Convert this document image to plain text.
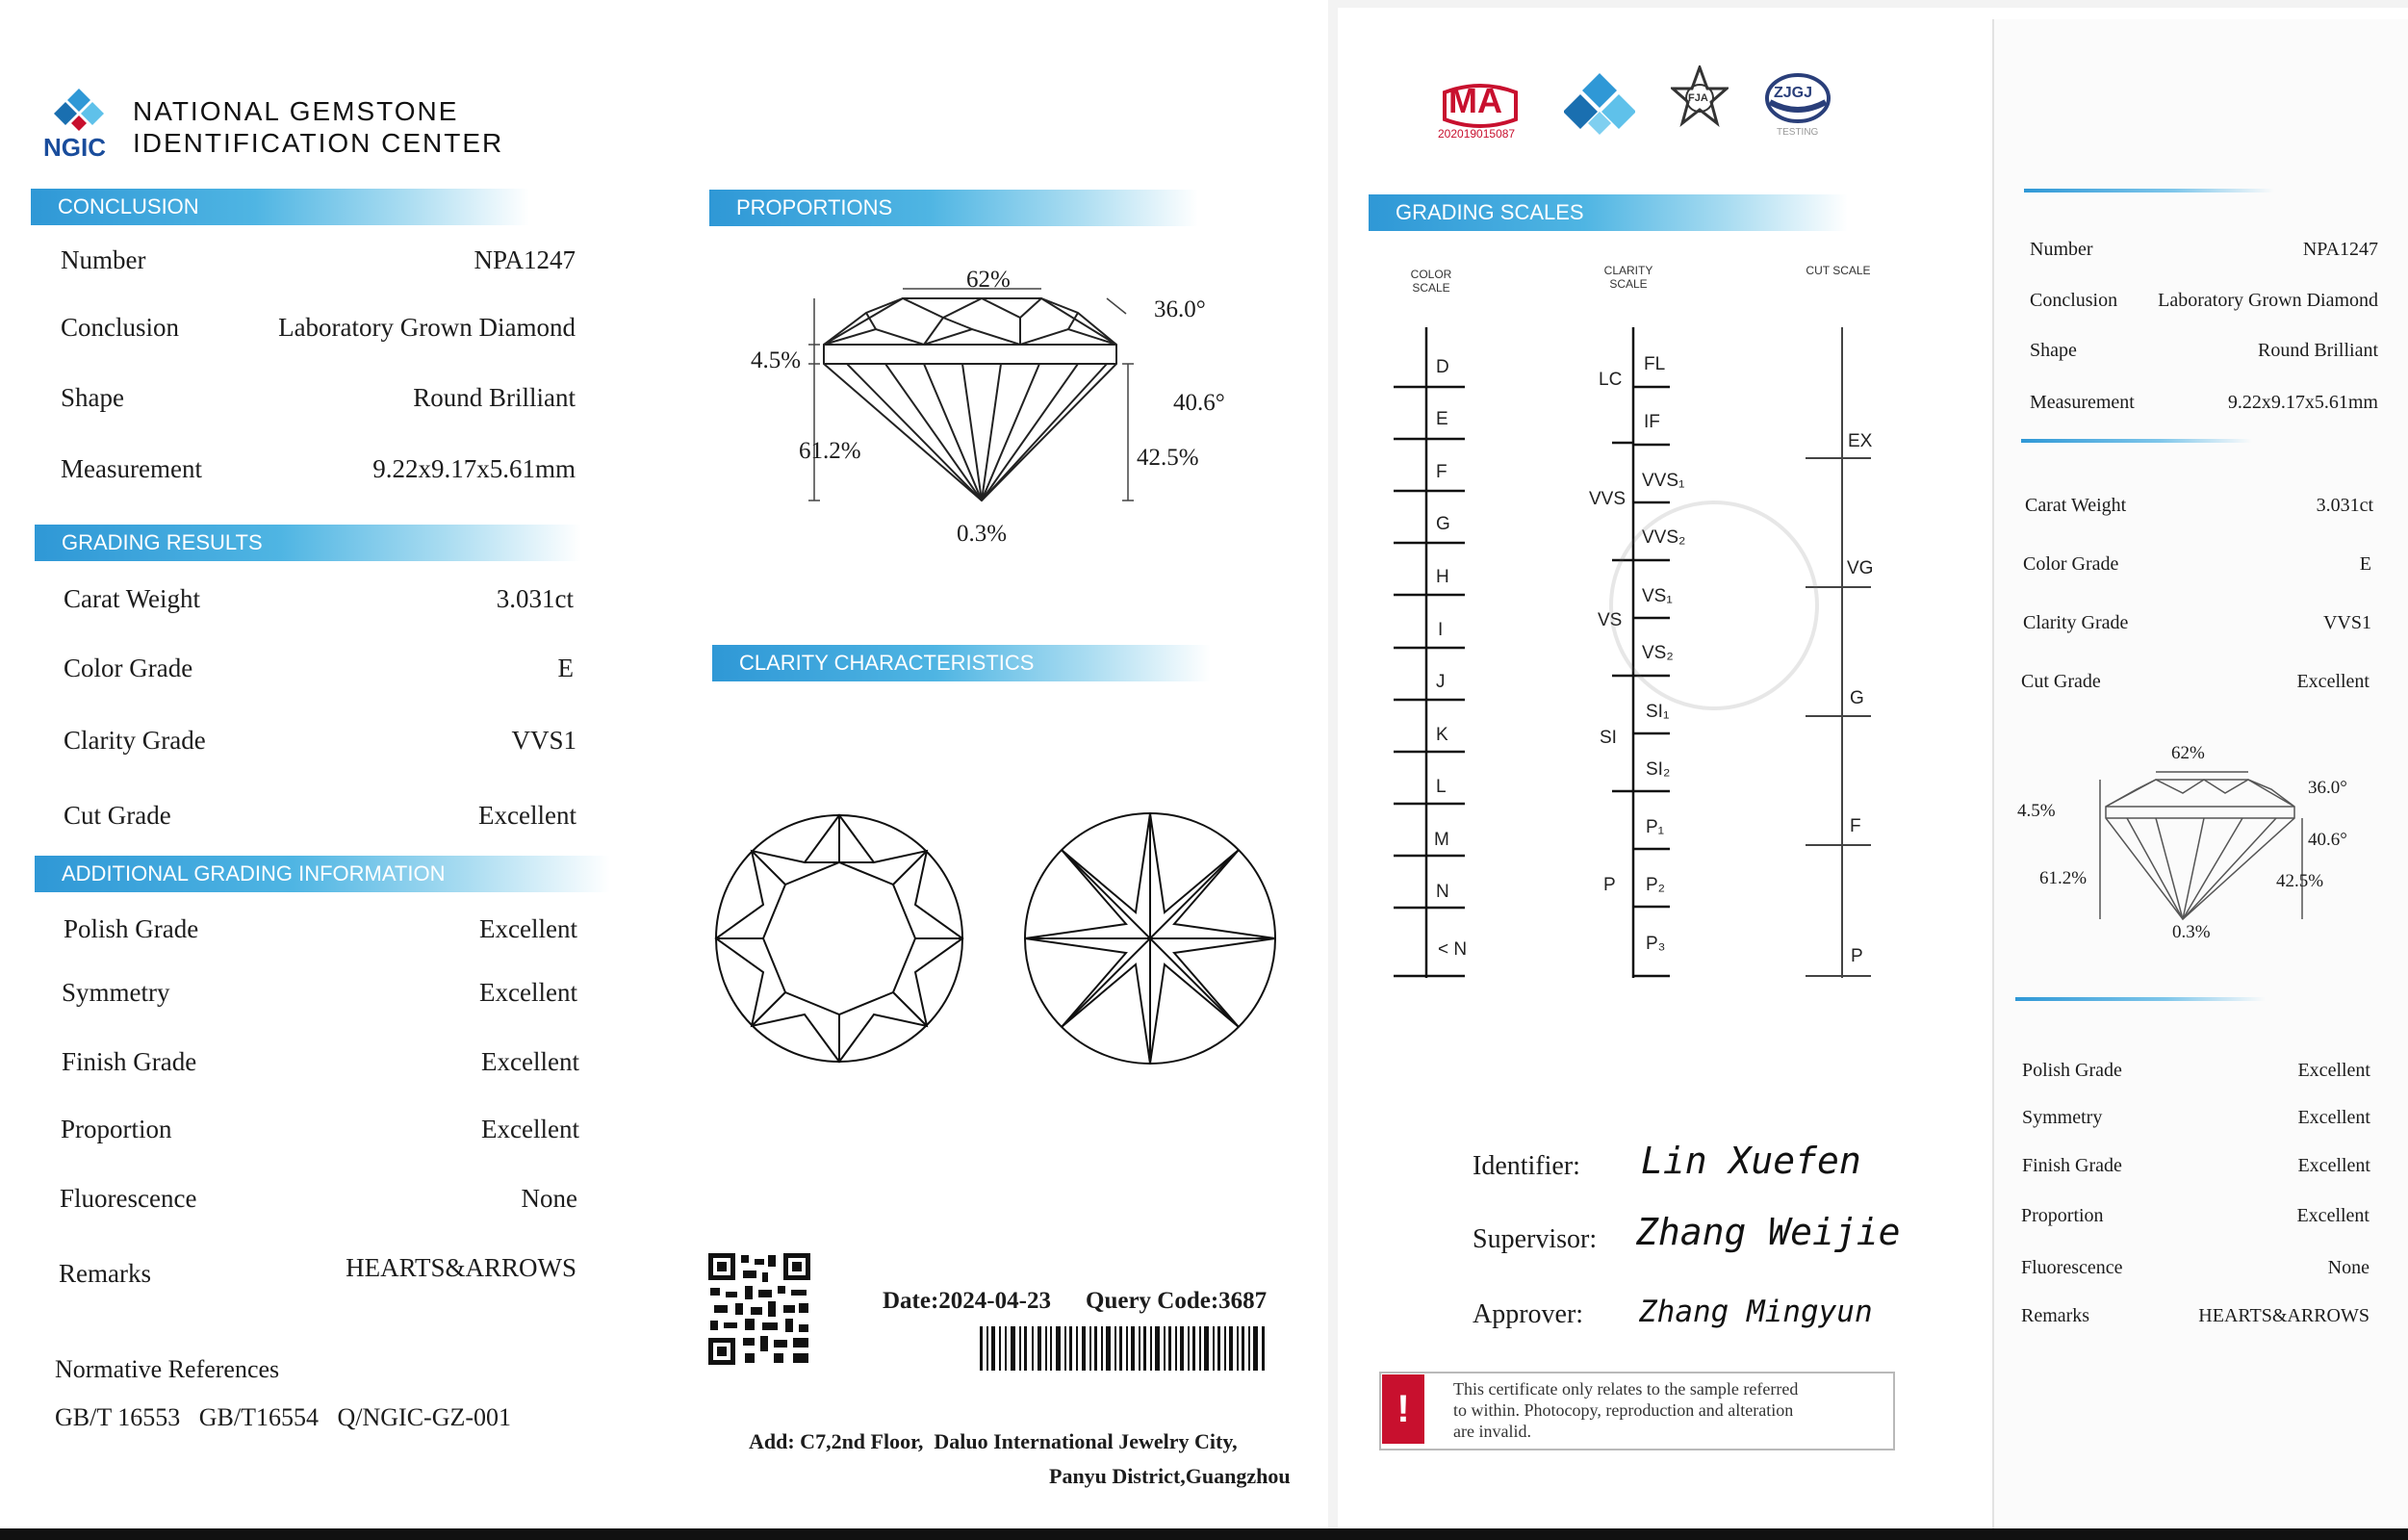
NGIC
NATIONAL GEMSTONE
IDENTIFICATION CENTER
CONCLUSION
Number	NPA1247
Conclusion	Laboratory Grown Diamond
Shape	Round Brilliant
Measurement	9.22x9.17x5.61mm
GRADING RESULTS
Carat Weight	3.031ct
Color Grade	E
Clarity Grade	VVS1
Cut Grade	Excellent
ADDITIONAL GRADING INFORMATION
Polish Grade	Excellent
Symmetry	Excellent
Finish Grade	Excellent
Proportion	Excellent
Fluorescence	None
Remarks	HEARTS&ARROWS
Normative References
GB/T 16553   GB/T16554   Q/NGIC-GZ-001
PROPORTIONS
62%
36.0°
4.5%
40.6°
61.2%	42.5%
0.3%
CLARITY CHARACTERISTICS
Date:2024-04-23 Query Code:3687
Add: C7,2nd Floor,  Daluo International Jewelry City,
Panyu District,Guangzhou
MA
202019015087
FJA	ZJGJ
TESTING
GRADING SCALES
COLOR SCALE
CLARITY SCALE
CUT SCALE
D
E
F
G
H
I
J
K
L
M
N
< N
LC
VVS
VS
SI
P
FL
IF
VVS₁
VVS₂
VS₁
VS₂
SI₁
SI₂
P₁
P₂
P₃
EX
VG
G
F
P
Identifier: Lin Xuefen
Supervisor: Zhang Weijie
Approver: Zhang Mingyun
!	This certificate only relates to the sample referred
to within. Photocopy, reproduction and alteration
are invalid.
Number	NPA1247
Conclusion Laboratory Grown Diamond
Shape	Round Brilliant
Measurement	9.22x9.17x5.61mm
Carat Weight	3.031ct
Color Grade	E
Clarity Grade	VVS1
Cut Grade	Excellent
62%
36.0°
4.5%
40.6°
61.2%	42.5%
0.3%
Polish Grade	Excellent
Symmetry	Excellent
Finish Grade	Excellent
Proportion	Excellent
Fluorescence	None
Remarks	HEARTS&ARROWS
